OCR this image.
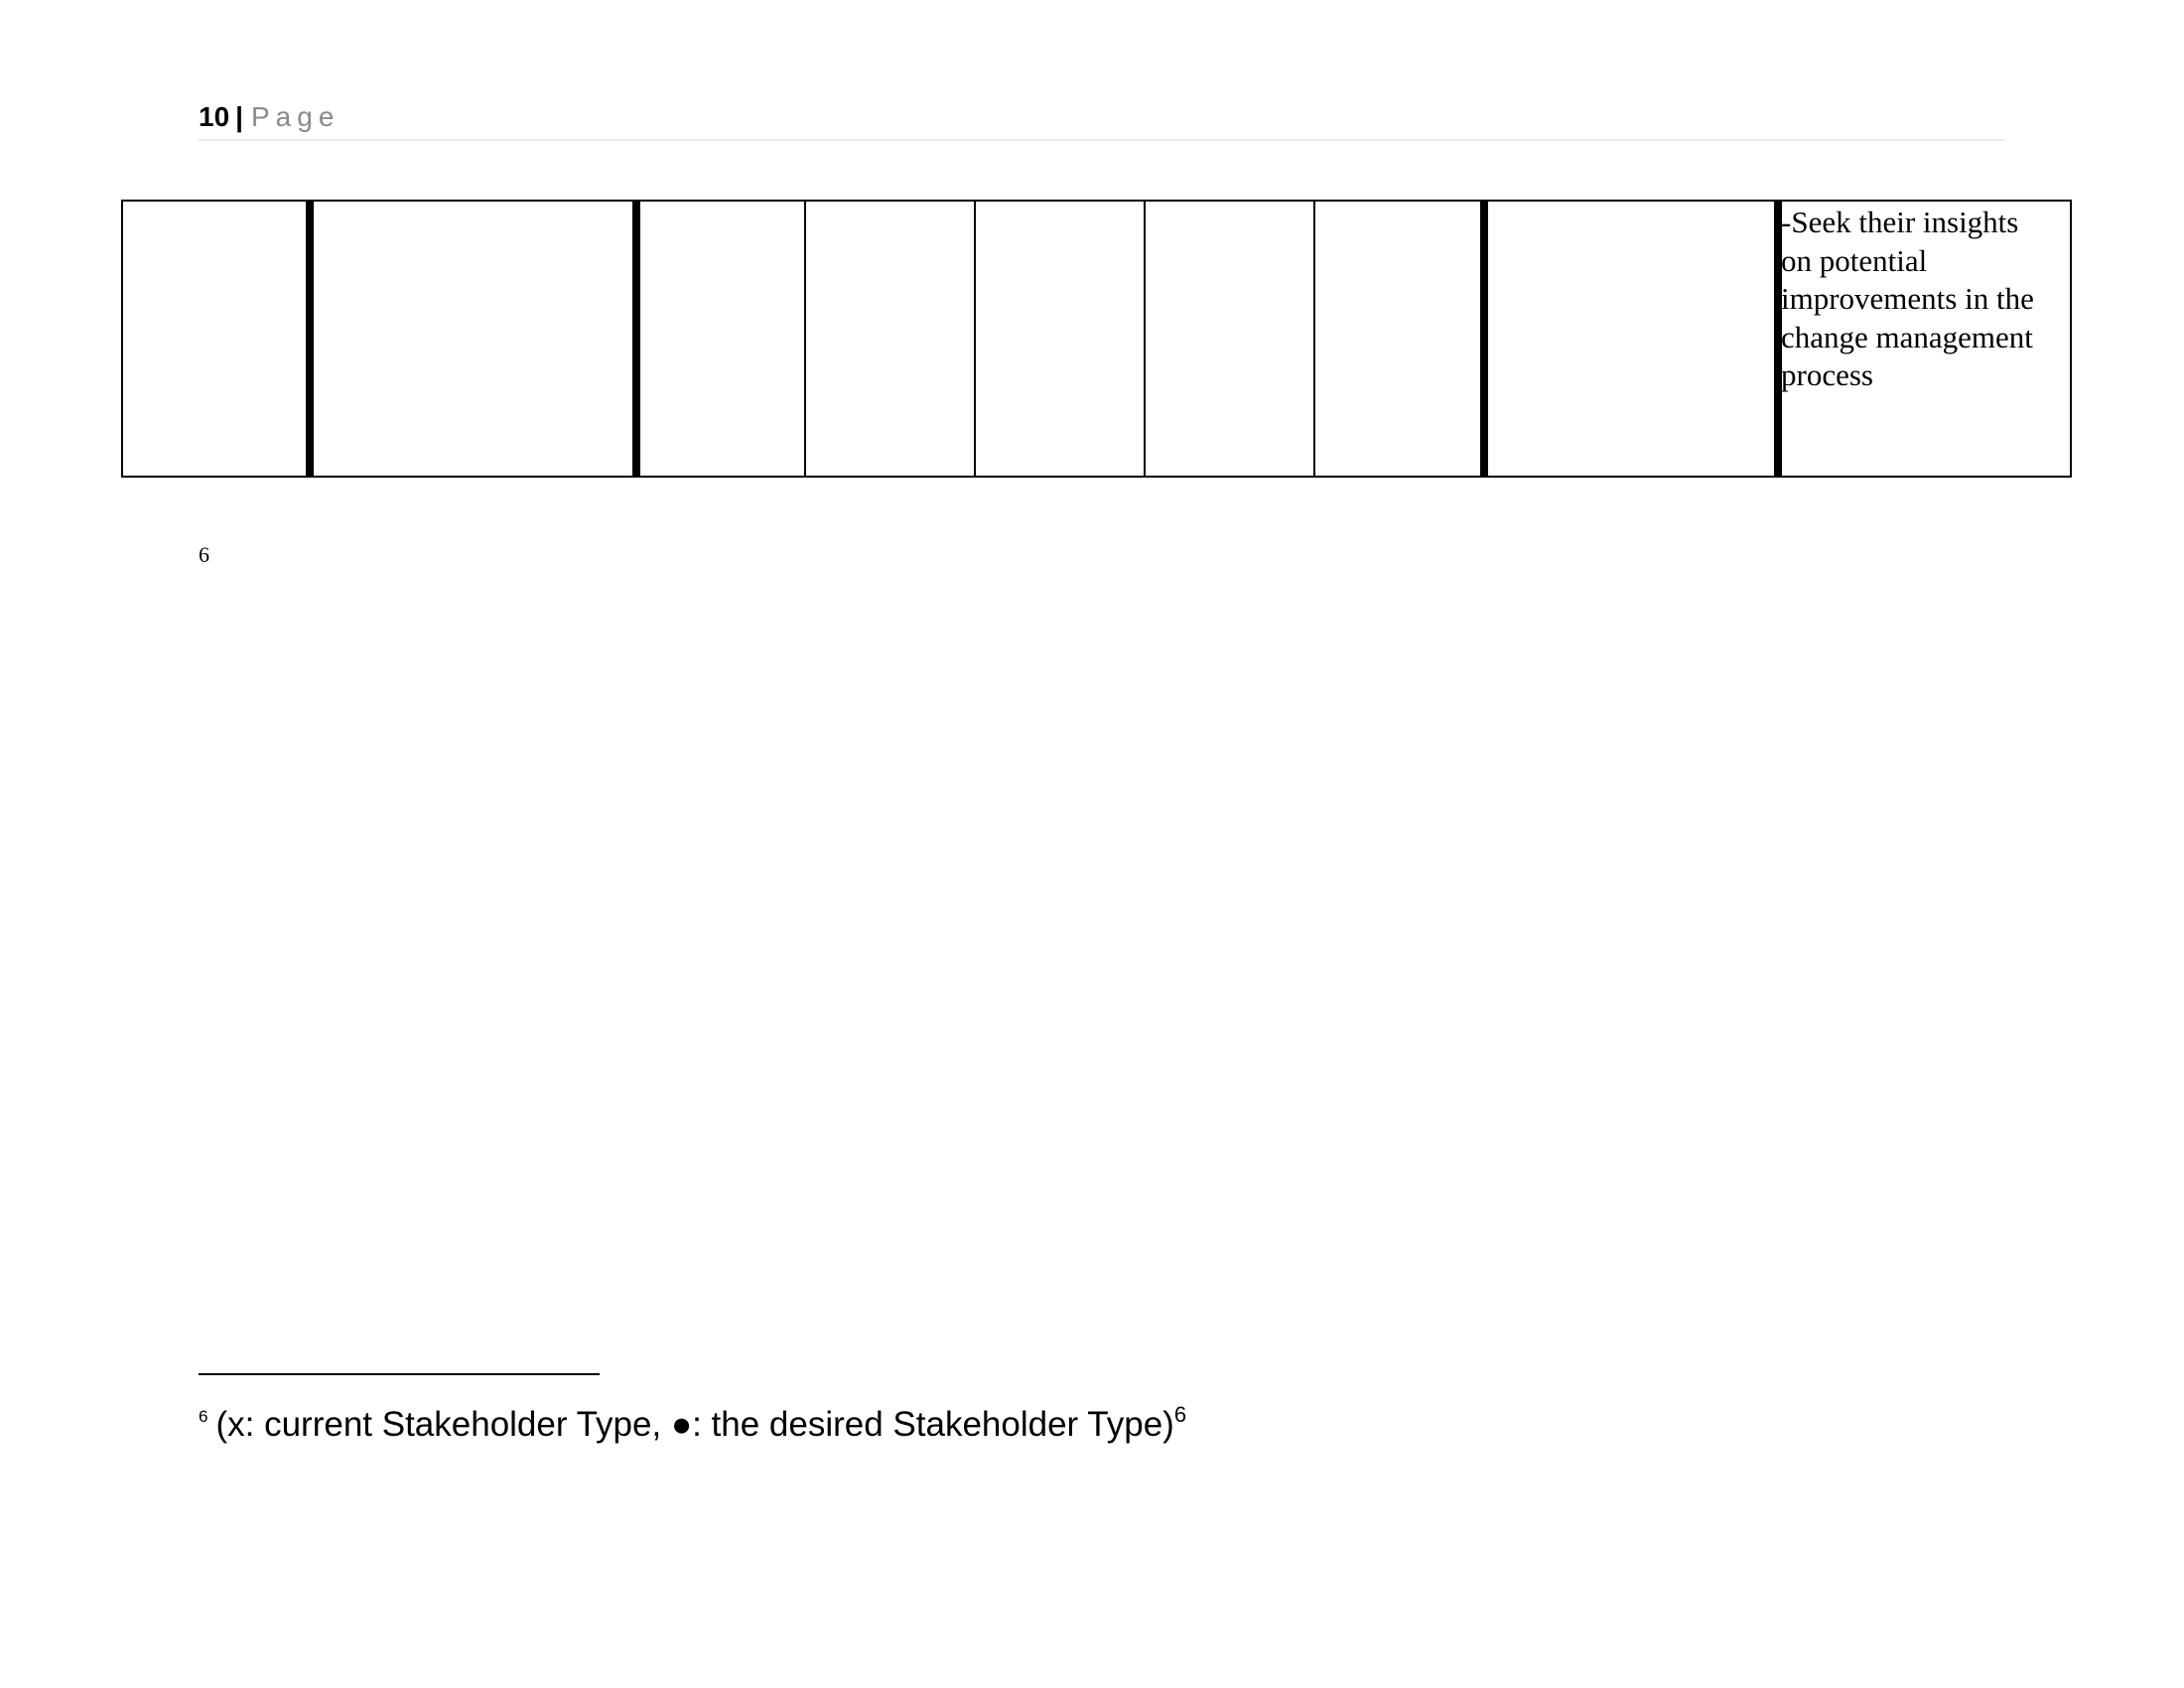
10 | Page
-Seek their insights
on potential
improvements in the
change management
process
6
$^6$ (x: current Stakeholder Type, ●: the desired Stakeholder Type)$^6$
